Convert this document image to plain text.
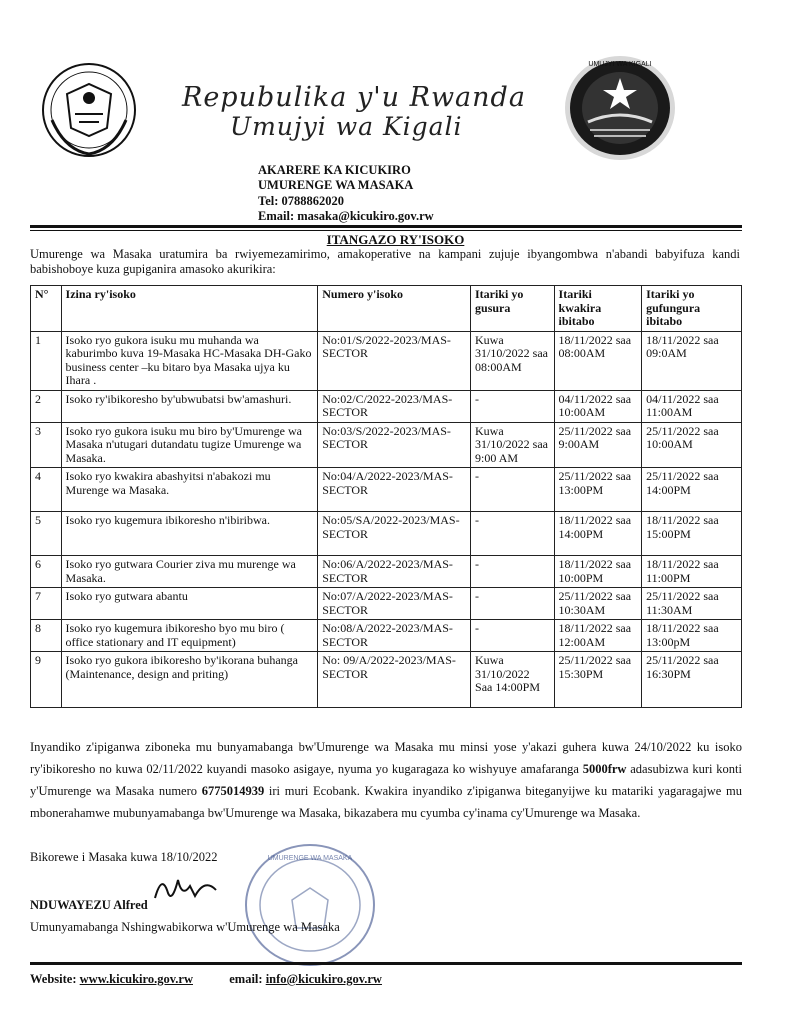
UMUJYI WA KIGALI
Repubulika y'u Rwanda
Umujyi wa Kigali
AKARERE KA KICUKIRO
UMURENGE WA MASAKA
Tel: 0788862020
Email: masaka@kicukiro.gov.rw
ITANGAZO RY'ISOKO
Umurenge wa Masaka uratumira ba rwiyemezamirimo, amakoperative na kampani zujuje ibyangombwa n'abandi babyifuza kandi babishoboye kuza gupiganira amasoko akurikira:
N°	Izina ry'isoko	Numero y'isoko	Itariki yo gusura	Itariki kwakira ibitabo	Itariki yo gufungura ibitabo
1	Isoko ryo gukora isuku mu muhanda wa kaburimbo kuva 19-Masaka HC-Masaka DH-Gako business center –ku bitaro bya Masaka ujya ku Ihara .	No:01/S/2022-2023/MAS-SECTOR	Kuwa 31/10/2022 saa 08:00AM	18/11/2022 saa 08:00AM	18/11/2022 saa 09:0AM
2	Isoko ry'ibikoresho by'ubwubatsi bw'amashuri.	No:02/C/2022-2023/MAS-SECTOR	-	04/11/2022 saa 10:00AM	04/11/2022 saa 11:00AM
3	Isoko ryo gukora isuku mu biro by'Umurenge wa Masaka n'utugari dutandatu tugize Umurenge wa Masaka.	No:03/S/2022-2023/MAS-SECTOR	Kuwa 31/10/2022 saa 9:00 AM	25/11/2022 saa 9:00AM	25/11/2022 saa 10:00AM
4	Isoko ryo kwakira abashyitsi n'abakozi mu Murenge wa Masaka.	No:04/A/2022-2023/MAS-SECTOR	-	25/11/2022 saa 13:00PM	25/11/2022 saa 14:00PM
5	Isoko ryo kugemura ibikoresho n'ibiribwa.	No:05/SA/2022-2023/MAS-SECTOR	-	18/11/2022 saa 14:00PM	18/11/2022 saa 15:00PM
6	Isoko ryo gutwara Courier ziva mu murenge wa Masaka.	No:06/A/2022-2023/MAS-SECTOR	-	18/11/2022 saa 10:00PM	18/11/2022 saa 11:00PM
7	Isoko ryo gutwara abantu	No:07/A/2022-2023/MAS-SECTOR	-	25/11/2022 saa 10:30AM	25/11/2022 saa 11:30AM
8	Isoko ryo kugemura ibikoresho byo mu biro ( office stationary and IT equipment)	No:08/A/2022-2023/MAS-SECTOR	-	18/11/2022 saa 12:00AM	18/11/2022 saa 13:00pM
9	Isoko ryo gukora ibikoresho by'ikorana buhanga (Maintenance, design and priting)	No: 09/A/2022-2023/MAS-SECTOR	Kuwa 31/10/2022 Saa 14:00PM	25/11/2022 saa 15:30PM	25/11/2022 saa 16:30PM
Inyandiko z'ipiganwa ziboneka mu bunyamabanga bw'Umurenge wa Masaka mu minsi yose y'akazi guhera kuwa 24/10/2022 ku isoko ry'ibikoresho no kuwa 02/11/2022 kuyandi masoko asigaye, nyuma yo kugaragaza ko wishyuye amafaranga 5000frw adasubizwa kuri konti y'Umurenge wa Masaka numero 6775014939 iri muri Ecobank. Kwakira inyandiko z'ipiganwa biteganyijwe ku matariki yagaragajwe mu mbonerahamwe mubunyamabanga bw'Umurenge wa Masaka, bikazabera mu cyumba cy'inama cy'Umurenge wa Masaka.
Bikorewe i Masaka kuwa 18/10/2022	UMURENGE WA MASAKA
NDUWAYEZU Alfred
Umunyamabanga Nshingwabikorwa w'Umurenge wa Masaka
Website: www.kicukiro.gov.rw	email: info@kicukiro.gov.rw
